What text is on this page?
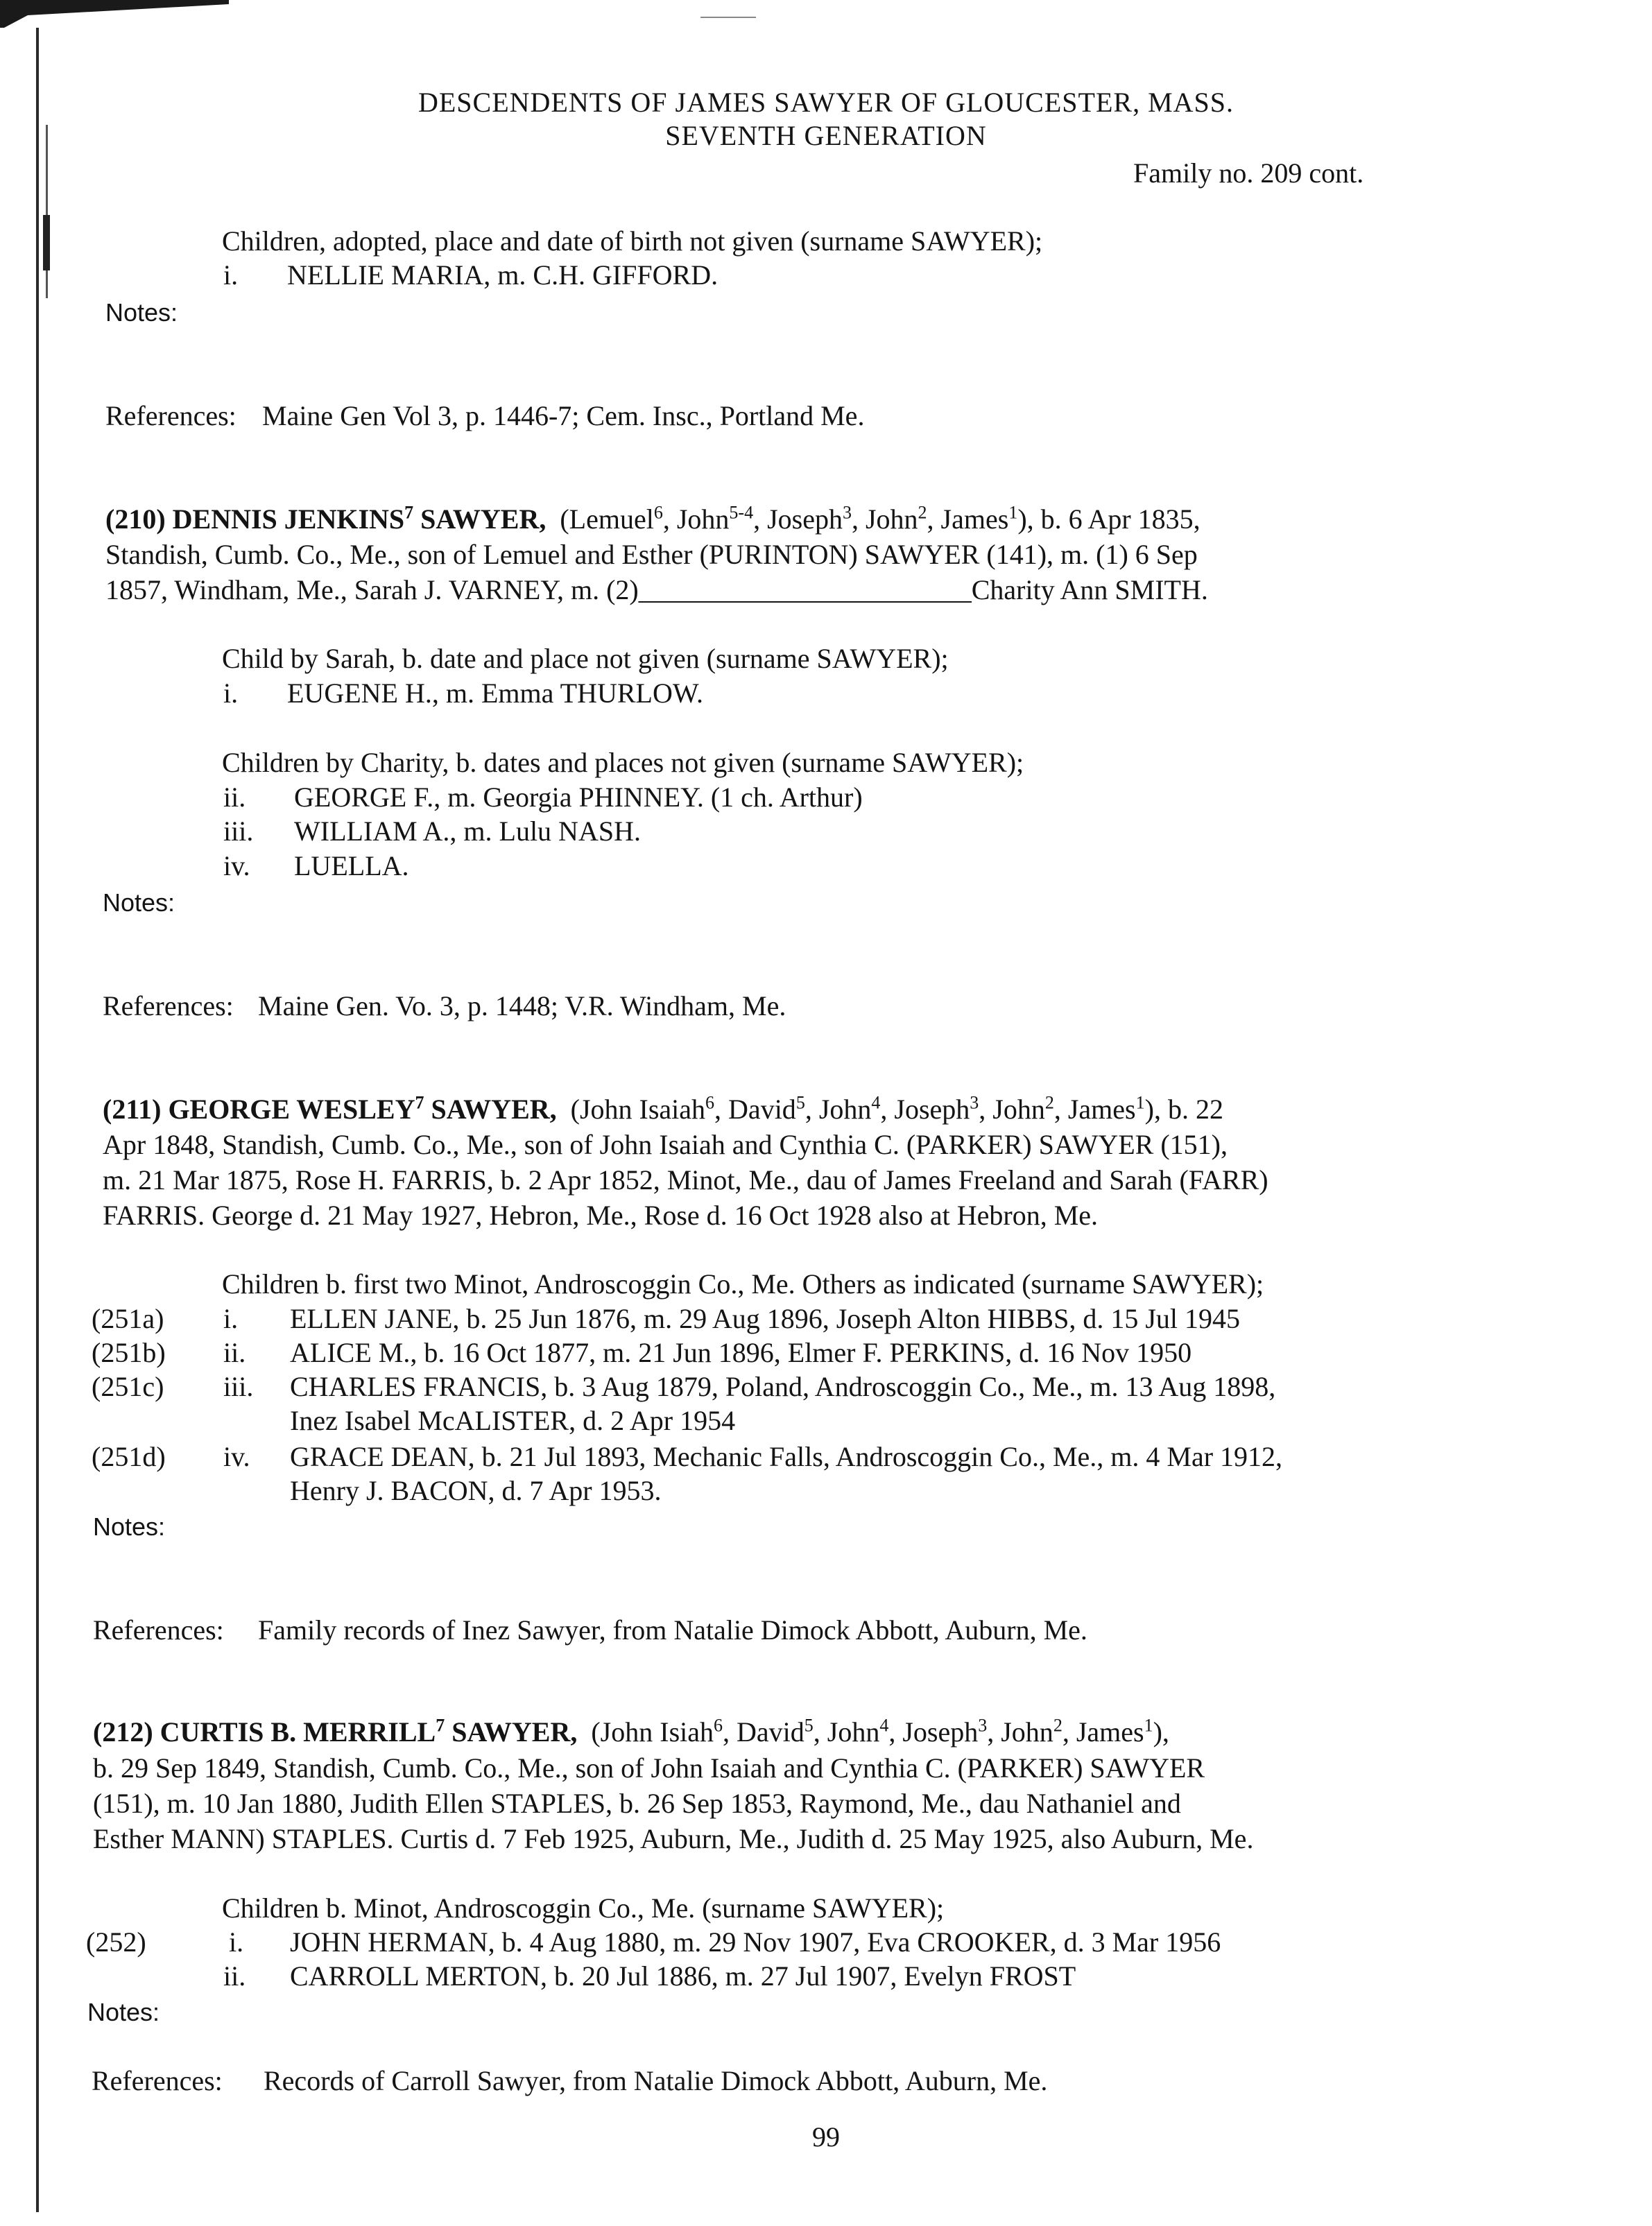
DESCENDENTS OF JAMES SAWYER OF GLOUCESTER, MASS.
SEVENTH GENERATION
Family no. 209 cont.
Children, adopted, place and date of birth not given (surname SAWYER);
i. NELLIE MARIA, m. C.H. GIFFORD.
Notes:
References: Maine Gen Vol 3, p. 1446-7; Cem. Insc., Portland Me.
(210) DENNIS JENKINS$^7$ SAWYER, (Lemuel$^6$, John$^{5-4}$, Joseph$^3$, John$^2$, James$^1$), b. 6 Apr 1835,
Standish, Cumb. Co., Me., son of Lemuel and Esther (PURINTON) SAWYER (141), m. (1) 6 Sep
1857, Windham, Me., Sarah J. VARNEY, m. (2)________________________Charity Ann SMITH.
Child by Sarah, b. date and place not given (surname SAWYER);
i. EUGENE H., m. Emma THURLOW.
Children by Charity, b. dates and places not given (surname SAWYER);
ii. GEORGE F., m. Georgia PHINNEY. (1 ch. Arthur)
iii. WILLIAM A., m. Lulu NASH.
iv. LUELLA.
Notes:
References: Maine Gen. Vo. 3, p. 1448; V.R. Windham, Me.
(211) GEORGE WESLEY$^7$ SAWYER, (John Isaiah$^6$, David$^5$, John$^4$, Joseph$^3$, John$^2$, James$^1$), b. 22
Apr 1848, Standish, Cumb. Co., Me., son of John Isaiah and Cynthia C. (PARKER) SAWYER (151),
m. 21 Mar 1875, Rose H. FARRIS, b. 2 Apr 1852, Minot, Me., dau of James Freeland and Sarah (FARR)
FARRIS. George d. 21 May 1927, Hebron, Me., Rose d. 16 Oct 1928 also at Hebron, Me.
Children b. first two Minot, Androscoggin Co., Me. Others as indicated (surname SAWYER);
(251a) i. ELLEN JANE, b. 25 Jun 1876, m. 29 Aug 1896, Joseph Alton HIBBS, d. 15 Jul 1945
(251b) ii. ALICE M., b. 16 Oct 1877, m. 21 Jun 1896, Elmer F. PERKINS, d. 16 Nov 1950
(251c) iii. CHARLES FRANCIS, b. 3 Aug 1879, Poland, Androscoggin Co., Me., m. 13 Aug 1898,
Inez Isabel McALISTER, d. 2 Apr 1954
(251d) iv. GRACE DEAN, b. 21 Jul 1893, Mechanic Falls, Androscoggin Co., Me., m. 4 Mar 1912,
Henry J. BACON, d. 7 Apr 1953.
Notes:
References: Family records of Inez Sawyer, from Natalie Dimock Abbott, Auburn, Me.
(212) CURTIS B. MERRILL$^7$ SAWYER, (John Isiah$^6$, David$^5$, John$^4$, Joseph$^3$, John$^2$, James$^1$),
b. 29 Sep 1849, Standish, Cumb. Co., Me., son of John Isaiah and Cynthia C. (PARKER) SAWYER
(151), m. 10 Jan 1880, Judith Ellen STAPLES, b. 26 Sep 1853, Raymond, Me., dau Nathaniel and
Esther MANN) STAPLES. Curtis d. 7 Feb 1925, Auburn, Me., Judith d. 25 May 1925, also Auburn, Me.
Children b. Minot, Androscoggin Co., Me. (surname SAWYER);
(252)	i. JOHN HERMAN, b. 4 Aug 1880, m. 29 Nov 1907, Eva CROOKER, d. 3 Mar 1956
ii. CARROLL MERTON, b. 20 Jul 1886, m. 27 Jul 1907, Evelyn FROST
Notes:
References: Records of Carroll Sawyer, from Natalie Dimock Abbott, Auburn, Me.
99
